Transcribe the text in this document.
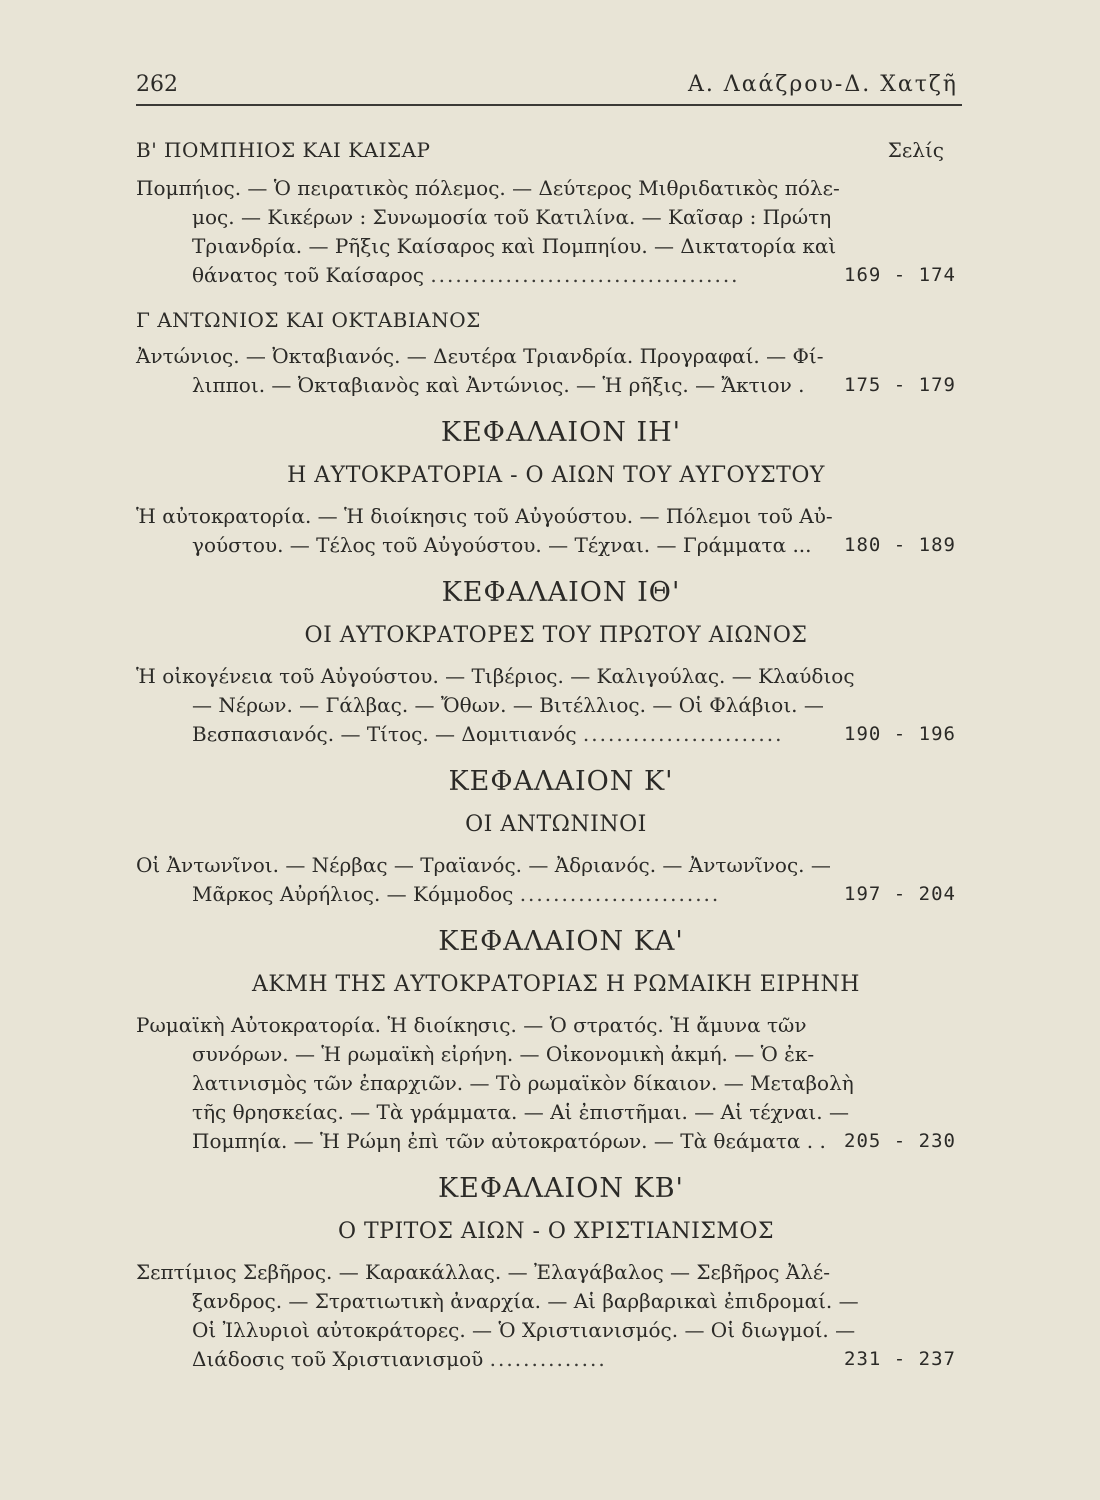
262	Α. Λαάζρου-Δ. Χατζῆ
Β' ΠΟΜΠΗΙΟΣ ΚΑΙ ΚΑΙΣΑΡ	Σελίς
Πομπήιος. — Ὁ πειρατικὸς πόλεμος. — Δεύτερος Μιθριδατικὸς πόλε-
μος. — Κικέρων : Συνωμοσία τοῦ Κατιλίνα. — Καῖσαρ : Πρώτη
Τριανδρία. — Ρῆξις Καίσαρος καὶ Πομπηίου. — Δικτατορία καὶ
θάνατος τοῦ Καίσαρος .....................................	169 - 174
Γ ΑΝΤΩΝΙΟΣ ΚΑΙ ΟΚΤΑΒΙΑΝΟΣ
Ἀντώνιος. — Ὀκταβιανός. — Δευτέρα Τριανδρία. Προγραφαί. — Φί-
λιπποι. — Ὀκταβιανὸς καὶ Ἀντώνιος. — Ἡ ρῆξις. — Ἄκτιον .	175 - 179
ΚΕΦΑΛΑΙΟΝ ΙΗ'
Η ΑΥΤΟΚΡΑΤΟΡΙΑ - Ο ΑΙΩΝ ΤΟΥ ΑΥΓΟΥΣΤΟΥ
Ἡ αὐτοκρατορία. — Ἡ διοίκησις τοῦ Αὐγούστου. — Πόλεμοι τοῦ Αὐ-
γούστου. — Τέλος τοῦ Αὐγούστου. — Τέχναι. — Γράμματα ...	180 - 189
ΚΕΦΑΛΑΙΟΝ ΙΘ'
ΟΙ ΑΥΤΟΚΡΑΤΟΡΕΣ ΤΟΥ ΠΡΩΤΟΥ ΑΙΩΝΟΣ
Ἡ οἰκογένεια τοῦ Αὐγούστου. — Τιβέριος. — Καλιγούλας. — Κλαύδιος
— Νέρων. — Γάλβας. — Ὄθων. — Βιτέλλιος. — Οἱ Φλάβιοι. —
Βεσπασιανός. — Τίτος. — Δομιτιανός ........................	190 - 196
ΚΕΦΑΛΑΙΟΝ Κ'
ΟΙ ΑΝΤΩΝΙΝΟΙ
Οἱ Ἀντωνῖνοι. — Νέρβας — Τραϊανός. — Ἀδριανός. — Ἀντωνῖνος. —
Μᾶρκος Αὐρήλιος. — Κόμμοδος ........................	197 - 204
ΚΕΦΑΛΑΙΟΝ ΚΑ'
ΑΚΜΗ ΤΗΣ ΑΥΤΟΚΡΑΤΟΡΙΑΣ Η ΡΩΜΑΙΚΗ ΕΙΡΗΝΗ
Ρωμαϊκὴ Αὐτοκρατορία. Ἡ διοίκησις. — Ὁ στρατός. Ἡ ἄμυνα τῶν
συνόρων. — Ἡ ρωμαϊκὴ εἰρήνη. — Οἰκονομικὴ ἀκμή. — Ὁ ἐκ-
λατινισμὸς τῶν ἐπαρχιῶν. — Τὸ ρωμαϊκὸν δίκαιον. — Μεταβολὴ
τῆς θρησκείας. — Τὰ γράμματα. — Αἱ ἐπιστῆμαι. — Αἱ τέχναι. —
Πομπηία. — Ἡ Ρώμη ἐπὶ τῶν αὐτοκρατόρων. — Τὰ θεάματα . . 205 - 230
ΚΕΦΑΛΑΙΟΝ ΚΒ'
Ο ΤΡΙΤΟΣ ΑΙΩΝ - Ο ΧΡΙΣΤΙΑΝΙΣΜΟΣ
Σεπτίμιος Σεβῆρος. — Καρακάλλας. — Ἐλαγάβαλος — Σεβῆρος Ἀλέ-
ξανδρος. — Στρατιωτικὴ ἀναρχία. — Αἱ βαρβαρικαὶ ἐπιδρομαί. —
Οἱ Ἰλλυριοὶ αὐτοκράτορες. — Ὁ Χριστιανισμός. — Οἱ διωγμοί. —
Διάδοσις τοῦ Χριστιανισμοῦ ..............	231 - 237
